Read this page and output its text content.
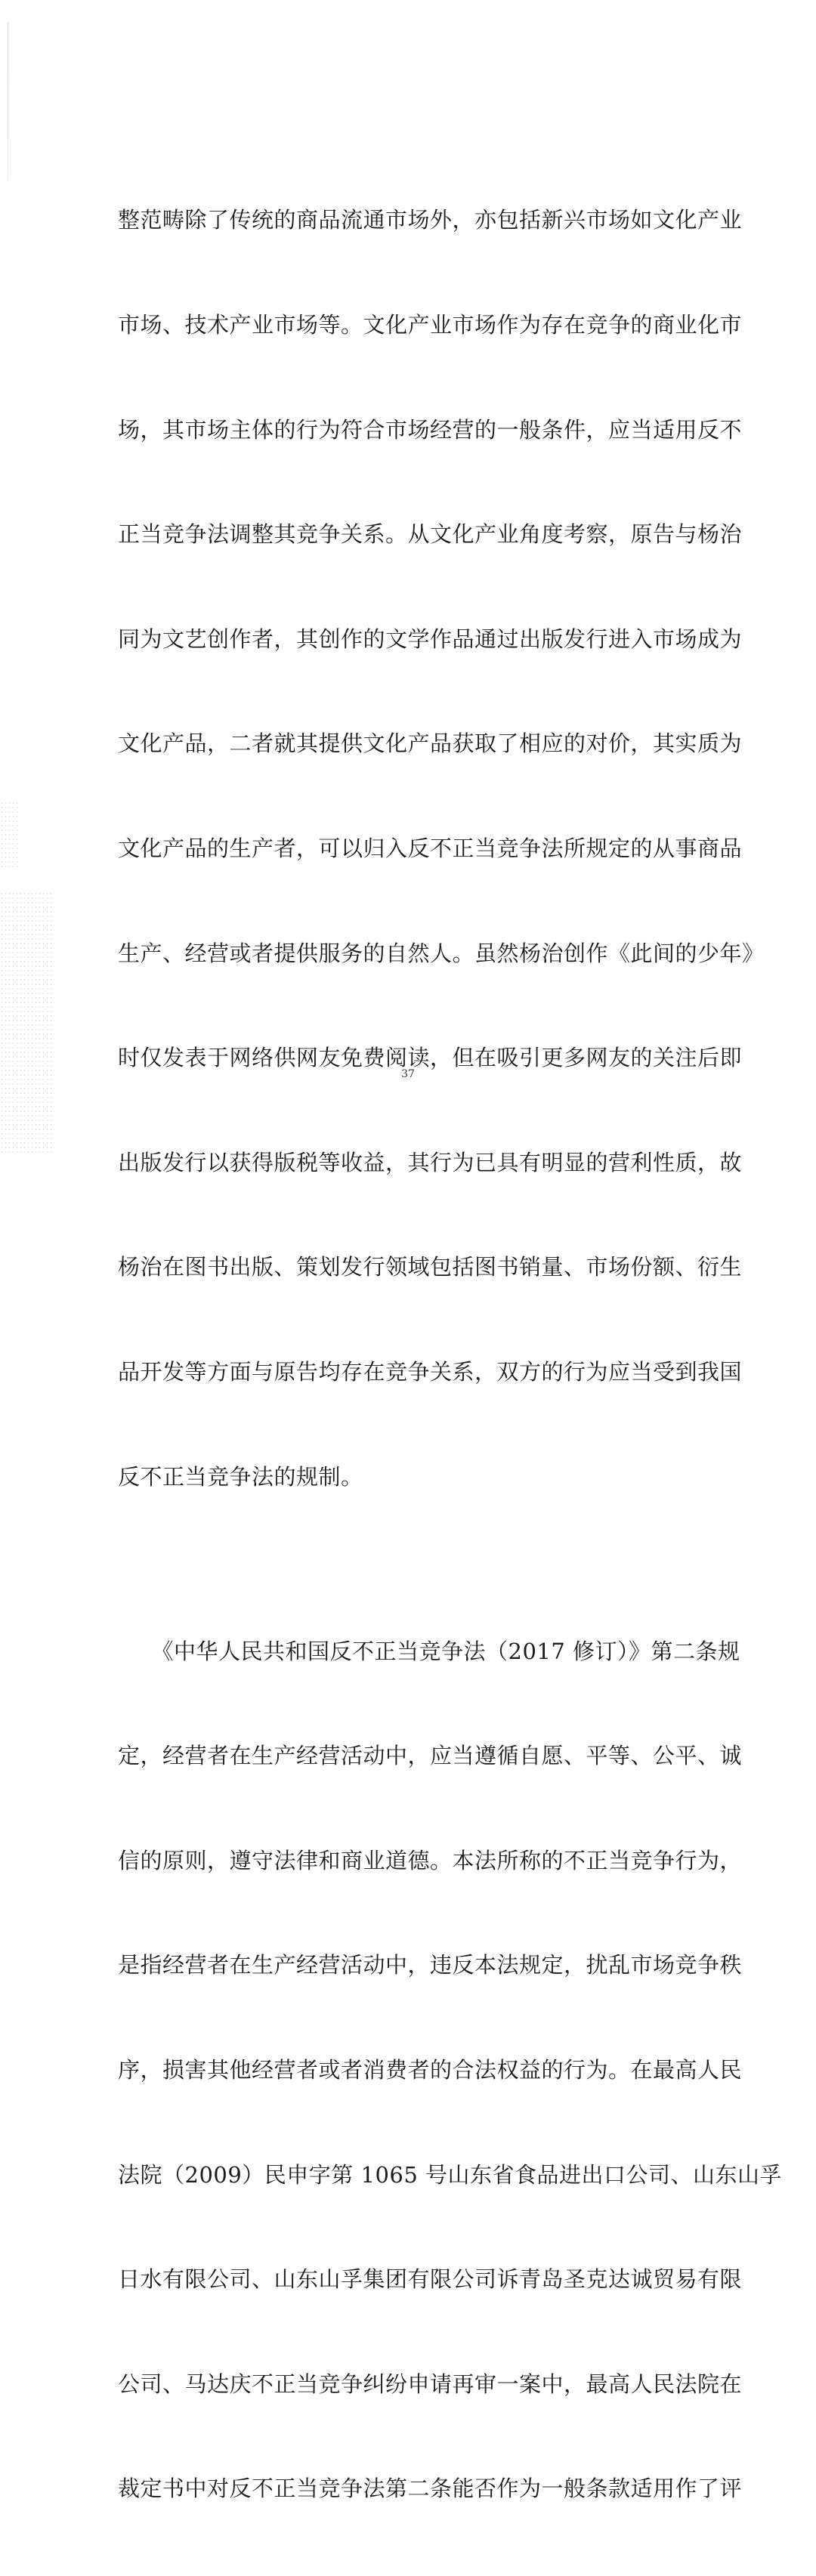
整范畴除了传统的商品流通市场外，亦包括新兴市场如文化产业

市场、技术产业市场等。文化产业市场作为存在竞争的商业化市

场，其市场主体的行为符合市场经营的一般条件，应当适用反不

正当竞争法调整其竞争关系。从文化产业角度考察，原告与杨治

同为文艺创作者，其创作的文学作品通过出版发行进入市场成为

文化产品，二者就其提供文化产品获取了相应的对价，其实质为

文化产品的生产者，可以归入反不正当竞争法所规定的从事商品

生产、经营或者提供服务的自然人。虽然杨治创作《此间的少年》

时仅发表于网络供网友免费阅读，但在吸引更多网友的关注后即

出版发行以获得版税等收益，其行为已具有明显的营利性质，故

杨治在图书出版、策划发行领域包括图书销量、市场份额、衍生

品开发等方面与原告均存在竞争关系，双方的行为应当受到我国

反不正当竞争法的规制。

　　《中华人民共和国反不正当竞争法（2017 修订）》第二条规

定，经营者在生产经营活动中，应当遵循自愿、平等、公平、诚

信的原则，遵守法律和商业道德。本法所称的不正当竞争行为，

是指经营者在生产经营活动中，违反本法规定，扰乱市场竞争秩

序，损害其他经营者或者消费者的合法权益的行为。在最高人民

法院（2009）民申字第 1065 号山东省食品进出口公司、山东山孚

日水有限公司、山东山孚集团有限公司诉青岛圣克达诚贸易有限

公司、马达庆不正当竞争纠纷申请再审一案中，最高人民法院在

裁定书中对反不正当竞争法第二条能否作为一般条款适用作了评

37
